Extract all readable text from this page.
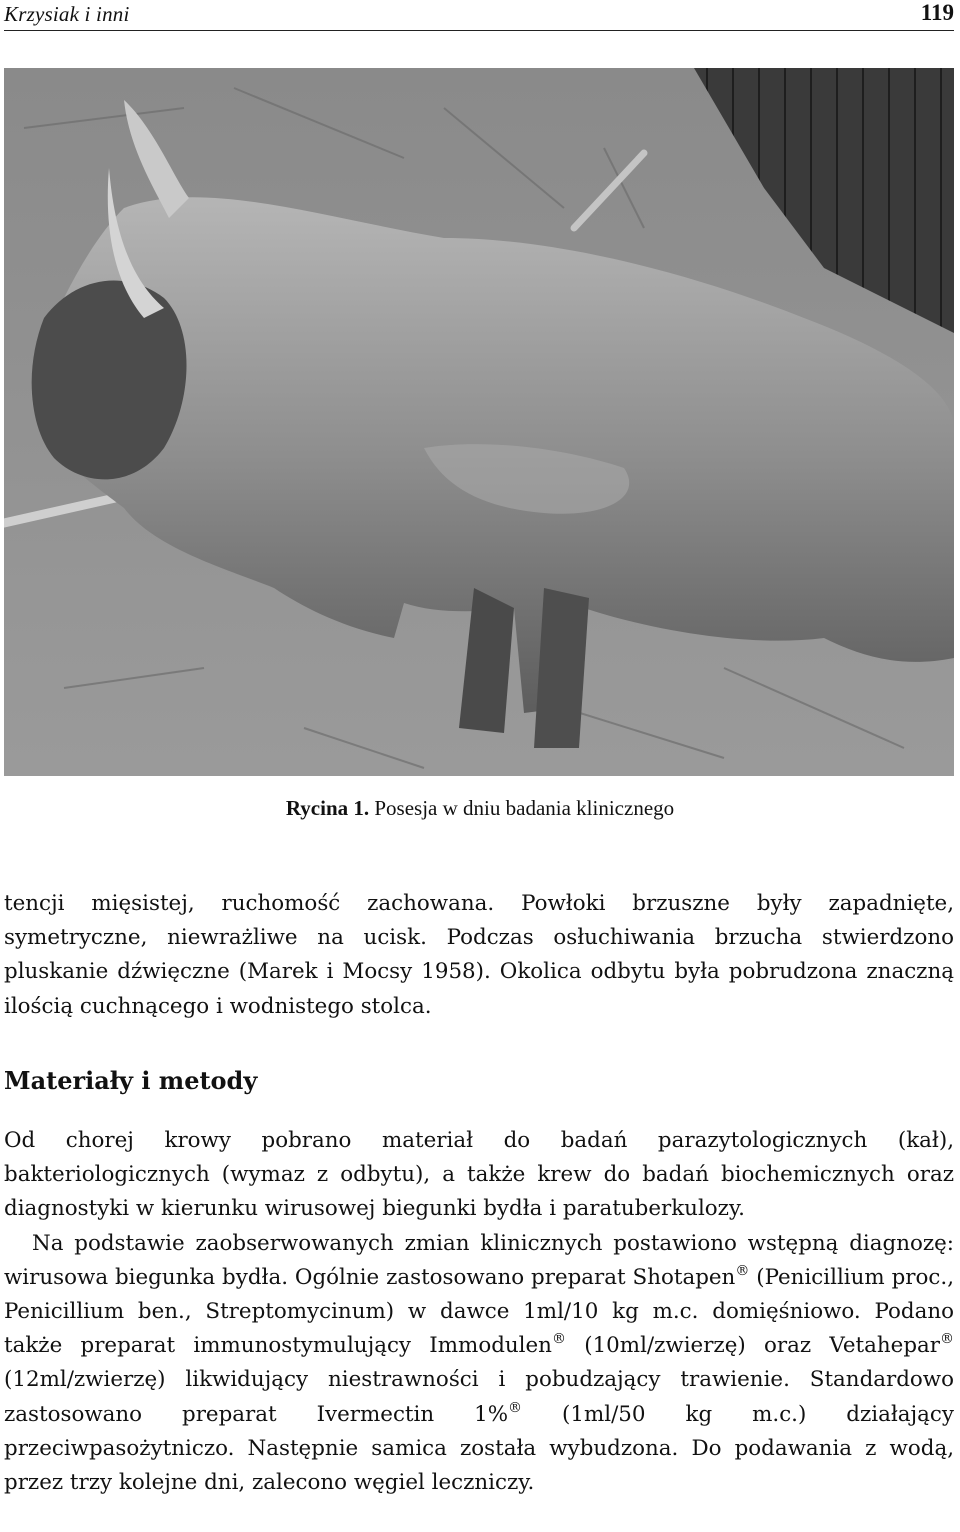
Krzysiak i inni	119
Rycina 1. Posesja w dniu badania klinicznego
tencji mięsistej, ruchomość zachowana. Powłoki brzuszne były zapadnięte, symetryczne, niewrażliwe na ucisk. Podczas osłuchiwania brzucha stwierdzono pluskanie dźwięczne (Marek i Mocsy 1958). Okolica odbytu była pobrudzona znaczną ilością cuchnącego i wodnistego stolca.
Materiały i metody

Od chorej krowy pobrano materiał do badań parazytologicznych (kał), bakteriologicznych (wymaz z odbytu), a także krew do badań biochemicznych oraz diagnostyki w kierunku wirusowej biegunki bydła i paratuberkulozy.

Na podstawie zaobserwowanych zmian klinicznych postawiono wstępną diagnozę: wirusowa biegunka bydła. Ogólnie zastosowano preparat Shotapen® (Penicillium proc., Penicillium ben., Streptomycinum) w dawce 1ml/10 kg m.c. domięśniowo. Podano także preparat immunostymulujący Immodulen® (10ml/zwierzę) oraz Vetahepar® (12ml/zwierzę) likwidujący niestrawności i pobudzający trawienie. Standardowo zastosowano preparat Ivermectin 1%® (1ml/50 kg m.c.) działający przeciwpasożytniczo. Następnie samica została wybudzona. Do podawania z wodą, przez trzy kolejne dni, zalecono węgiel leczniczy.
